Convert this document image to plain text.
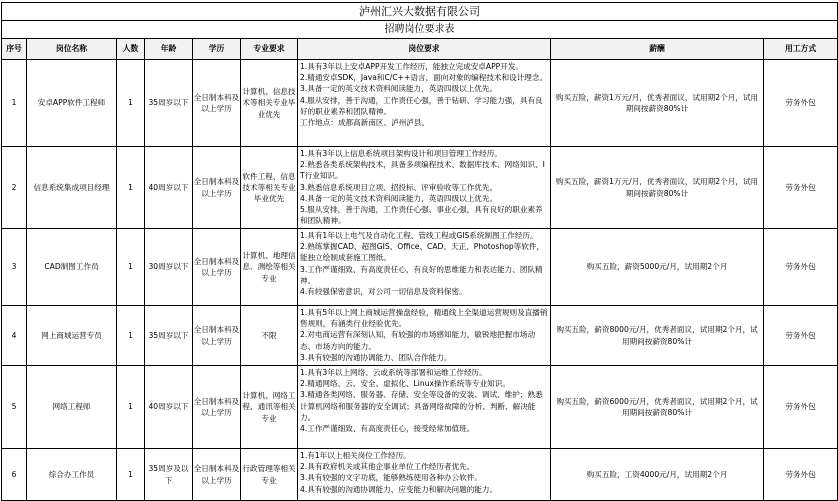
泸州汇兴大数据有限公司								
招聘岗位要求表								
序号	岗位名称	人数	年龄	学历	专业要求	岗位要求	薪酬	用工方式
1	安卓APP软件工程师	1	35周岁以下	全日制本科及以上学历	计算机、信息技术等相关专业毕业优先	1.具有3年以上安卓APP开发工作经历，能独立完成安卓APP开发。
2.精通安卓SDK，Java和C/C++语言，面向对象的编程技术和设计理念。
3.具备一定的英文技术资料阅读能力，英语四级以上优先。
4.服从安排，善于沟通，工作责任心强，善于钻研、学习能力强，具有良好的职业素养和团队精神。
工作地点：成都高新南区、泸州泸县。	购买五险，薪资1万元/月，优秀者面议，试用期2个月，试用期间按薪资80%计	劳务外包
2	信息系统集成项目经理	1	40周岁以下	全日制本科及以上学历	软件工程、信息技术等相关专业毕业优先	1.具有3年以上信息系统项目架构设计和项目管理工作经历。
2.熟悉各类系统架构技术，具备多项编程技术、数据库技术、网络知识、IT行业知识。
3.熟悉信息系统项目立项、招投标、评审验收等工作优先。
4.具备一定的英文技术资料阅读能力，英语四级以上优先。
5.服从安排，善于沟通，工作责任心强、事业心强，具有良好的职业素养和团队精神。	购买五险，薪资1万元/月，优秀者面议，试用期2个月，试用期间按薪资80%计	劳务外包
3	CAD制图工作员	1	30周岁以下	全日制本科及以上学历	计算机、地理信息、测绘等相关专业	1.具有1年以上电气及自动化工程、管线工程或GIS系统制图工作经历。
2.熟练掌握CAD、超图GIS、Office、CAD、天正、Photoshop等软件，能独立绘制成套施工图纸。
3.工作严谨细致、有高度责任心，有良好的思维能力和表达能力、团队精神。
4.有较强保密意识，对公司一切信息及资料保密。	购买五险，薪资5000元/月，试用期2个月	劳务外包
4	网上商城运营专员	1	35周岁以下	全日制本科及以上学历	不限	1.具有5年以上网上商城运营操盘经验，精通线上全渠道运营规则及直播销售规则，有涵类行业经验优先。
2.对电商运营有深刻认知，有较强的市场感知能力，敏锐地把握市场动态、市场方向的能力。
3.具有较强的沟通协调能力、团队合作能力。	购买五险，薪资8000元/月，优秀者面议，试用期2个月，试用期间按薪资80%计	劳务外包
5	网络工程师	1	40周岁以下	全日制本科及以上学历	计算机、网络工程、通讯等相关专业	1.具有3年以上网络、云或系统等部署和运维工作经历。
2.精通网络、云、安全、虚拟化、Linux操作系统等专业知识。
3.精通各类网络、服务器、存储、安全等设备的安装、调试、维护；熟悉计算机网络和服务器的安全调试；具备网络故障的分析、判断、解决能力。
4.工作严谨细致、有高度责任心，接受经常加值班。	购买五险，薪资6000元/月，优秀者面议，试用期2个月，试用期间按薪资80%计	劳务外包
6	综合办工作员	1	35周岁及以下	全日制本科及以上学历	行政管理等相关专业	1.有1年以上相关岗位工作经历。
2.具有政府机关或其他企事业单位工作经历者优先。
3.具有较强的文字功底，能够熟练使用各种办公软件。
4.具有较强的沟通协调能力、应变能力和解决问题的能力。	购买五险，工资4000元/月，试用期2个月	劳务外包
